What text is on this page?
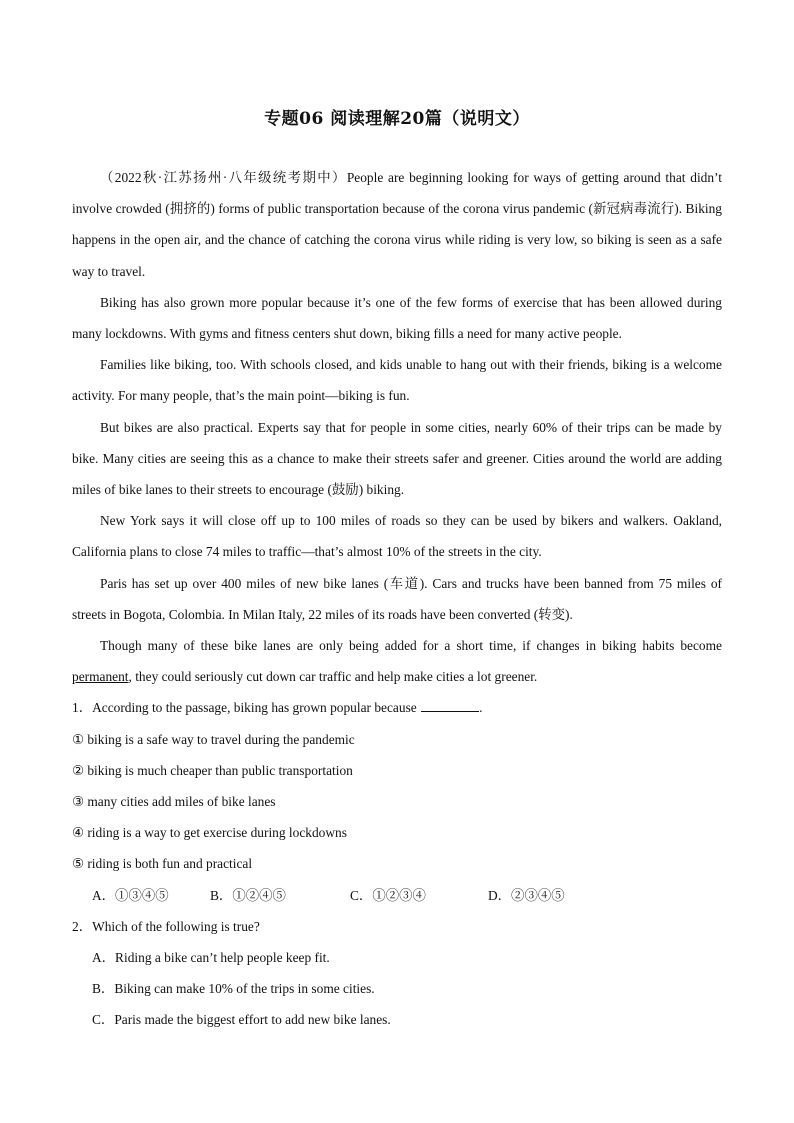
专题06 阅读理解20篇（说明文）

（2022秋·江苏扬州·八年级统考期中）People are beginning looking for ways of getting around that didn’t involve crowded (拥挤的) forms of public transportation because of the corona virus pandemic (新冠病毒流行). Biking happens in the open air, and the chance of catching the corona virus while riding is very low, so biking is seen as a safe way to travel.

Biking has also grown more popular because it’s one of the few forms of exercise that has been allowed during many lockdowns. With gyms and fitness centers shut down, biking fills a need for many active people.

Families like biking, too. With schools closed, and kids unable to hang out with their friends, biking is a welcome activity. For many people, that’s the main point—biking is fun.

But bikes are also practical. Experts say that for people in some cities, nearly 60% of their trips can be made by bike. Many cities are seeing this as a chance to make their streets safer and greener. Cities around the world are adding miles of bike lanes to their streets to encourage (鼓励) biking.

New York says it will close off up to 100 miles of roads so they can be used by bikers and walkers. Oakland, California plans to close 74 miles to traffic—that’s almost 10% of the streets in the city.

Paris has set up over 400 miles of new bike lanes (车道). Cars and trucks have been banned from 75 miles of streets in Bogota, Colombia. In Milan Italy, 22 miles of its roads have been converted (转变).

Though many of these bike lanes are only being added for a short time, if changes in biking habits become permanent, they could seriously cut down car traffic and help make cities a lot greener.

1．According to the passage, biking has grown popular because	.

① biking is a safe way to travel during the pandemic

② biking is much cheaper than public transportation

③ many cities add miles of bike lanes

④ riding is a way to get exercise during lockdowns

⑤ riding is both fun and practical

A．①③④⑤	B．①②④⑤	C．①②③④	D．②③④⑤

2．Which of the following is true?

A．Riding a bike can’t help people keep fit.

B．Biking can make 10% of the trips in some cities.

C．Paris made the biggest effort to add new bike lanes.
